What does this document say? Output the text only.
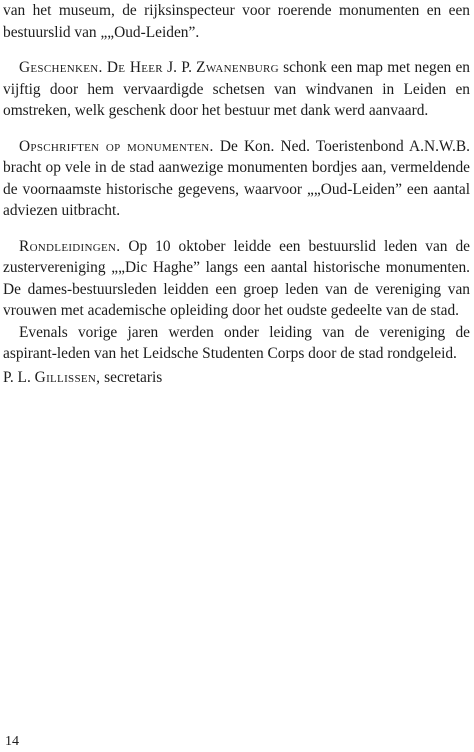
van het museum, de rijksinspecteur voor roerende monumenten en een bestuurslid van „„Oud-Leiden”.

Geschenken. De Heer J. P. Zwanenburg schonk een map met negen en vijftig door hem vervaardigde schetsen van windvanen in Leiden en omstreken, welk geschenk door het bestuur met dank werd aanvaard.

Opschriften op monumenten. De Kon. Ned. Toeristenbond A.N.W.B. bracht op vele in de stad aanwezige monumenten bordjes aan, vermeldende de voornaamste historische gegevens, waarvoor „„Oud-Leiden” een aantal adviezen uitbracht.

Rondleidingen. Op 10 oktober leidde een bestuurslid leden van de zustervereniging „„Dic Haghe” langs een aantal historische monumenten. De dames-bestuursleden leidden een groep leden van de vereniging van vrouwen met academische opleiding door het oudste gedeelte van de stad.

Evenals vorige jaren werden onder leiding van de vereniging de aspirant-leden van het Leidsche Studenten Corps door de stad rondgeleid.

P. L. Gillissen, secretaris

14
